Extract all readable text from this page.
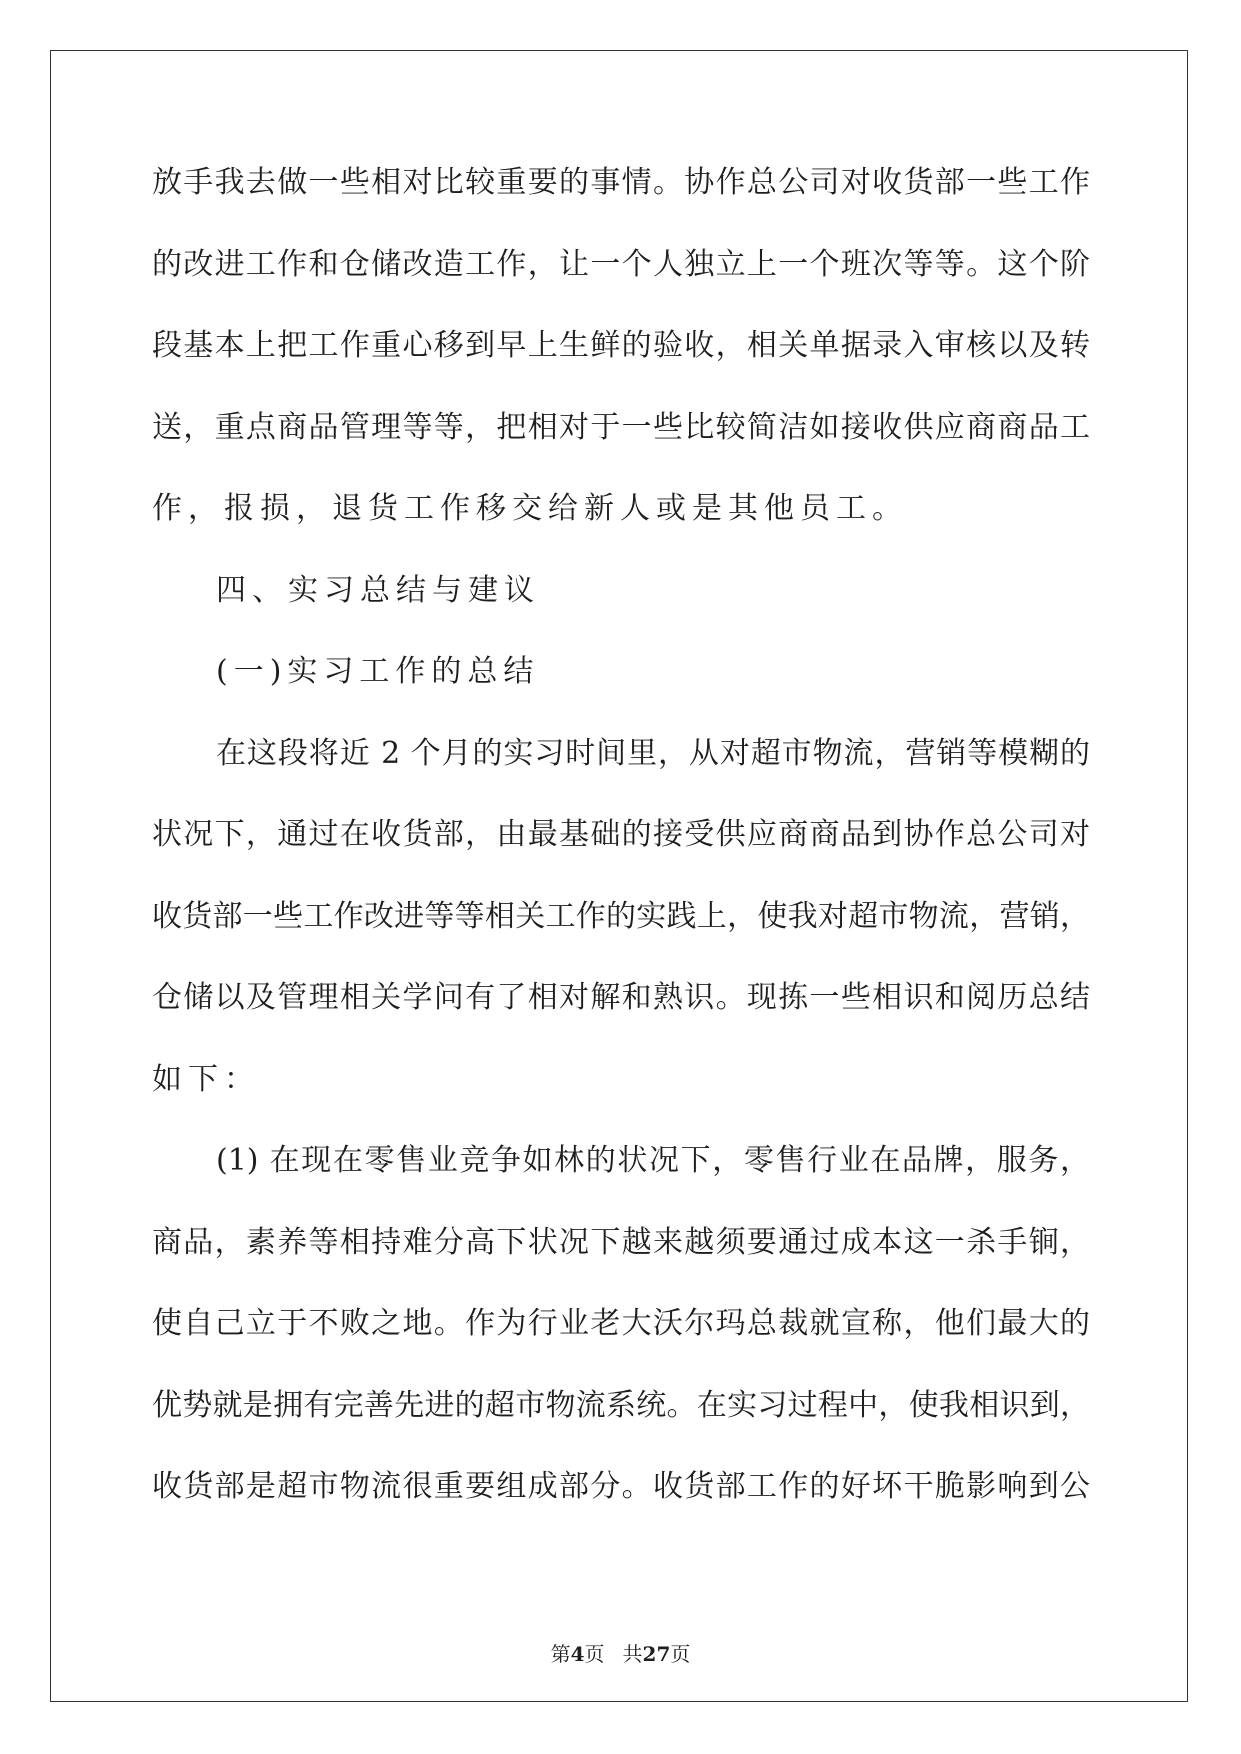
放手我去做一些相对比较重要的事情。协作总公司对收货部一些工作
的改进工作和仓储改造工作，让一个人独立上一个班次等等。这个阶
段基本上把工作重心移到早上生鲜的验收，相关单据录入审核以及转
送，重点商品管理等等，把相对于一些比较简洁如接收供应商商品工
作，报损，退货工作移交给新人或是其他员工。
四、实习总结与建议
(一)实习工作的总结
在这段将近 2 个月的实习时间里，从对超市物流，营销等模糊的
状况下，通过在收货部，由最基础的接受供应商商品到协作总公司对
收货部一些工作改进等等相关工作的实践上，使我对超市物流，营销，
仓储以及管理相关学问有了相对解和熟识。现拣一些相识和阅历总结
如下：
(1) 在现在零售业竞争如林的状况下，零售行业在品牌，服务，
商品，素养等相持难分高下状况下越来越须要通过成本这一杀手锏，
使自己立于不败之地。作为行业老大沃尔玛总裁就宣称，他们最大的
优势就是拥有完善先进的超市物流系统。在实习过程中，使我相识到，
收货部是超市物流很重要组成部分。收货部工作的好坏干脆影响到公
第4页 共27页
